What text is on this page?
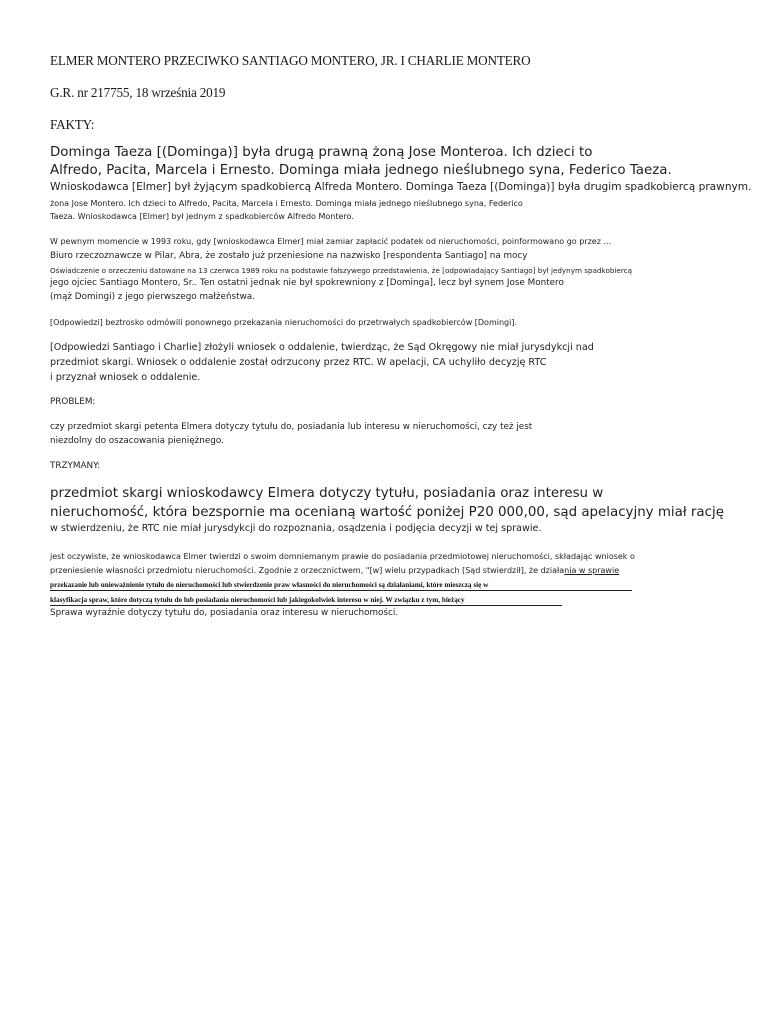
ELMER MONTERO PRZECIWKO SANTIAGO MONTERO, JR. I CHARLIE MONTERO
G.R. nr 217755, 18 września 2019
FAKTY:
Dominga Taeza [(Dominga)] była drugą prawną żoną Jose Monteroa. Ich dzieci to
Alfredo, Pacita, Marcela i Ernesto. Dominga miała jednego nieślubnego syna, Federico Taeza.
Wnioskodawca [Elmer] był żyjącym spadkobiercą Alfreda Montero. Dominga Taeza [(Dominga)] była drugim spadkobiercą prawnym.
żona Jose Montero. Ich dzieci to Alfredo, Pacita, Marcela i Ernesto. Dominga miała jednego nieślubnego syna, Federico
Taeza. Wnioskodawca [Elmer] był jednym z spadkobierców Alfredo Montero.
W pewnym momencie w 1993 roku, gdy [wnioskodawca Elmer] miał zamiar zapłacić podatek od nieruchomości, poinformowano go przez ...
Biuro rzeczoznawcze w Pilar, Abra, że zostało już przeniesione na nazwisko [respondenta Santiago] na mocy
Oświadczenie o orzeczeniu datowane na 13 czerwca 1989 roku na podstawie fałszywego przedstawienia, że [odpowiadający Santiago] był jedynym spadkobiercą
jego ojciec Santiago Montero, Sr.. Ten ostatni jednak nie był spokrewniony z [Dominga], lecz był synem Jose Montero
(mąż Domingi) z jego pierwszego małżeństwa.
[Odpowiedzi] beztrosko odmówili ponownego przekazania nieruchomości do przetrwałych spadkobierców [Domingi].
[Odpowiedzi Santiago i Charlie] złożyli wniosek o oddalenie, twierdząc, że Sąd Okręgowy nie miał jurysdykcji nad
przedmiot skargi. Wniosek o oddalenie został odrzucony przez RTC. W apelacji, CA uchyliło decyzję RTC
i przyznał wniosek o oddalenie.
PROBLEM:
czy przedmiot skargi petenta Elmera dotyczy tytułu do, posiadania lub interesu w nieruchomości, czy też jest
niezdolny do oszacowania pieniężnego.
TRZYMANY:
przedmiot skargi wnioskodawcy Elmera dotyczy tytułu, posiadania oraz interesu w
nieruchomość, która bezspornie ma ocenianą wartość poniżej P20 000,00, sąd apelacyjny miał rację
w stwierdzeniu, że RTC nie miał jurysdykcji do rozpoznania, osądzenia i podjęcia decyzji w tej sprawie.
jest oczywiste, że wnioskodawca Elmer twierdzi o swoim domniemanym prawie do posiadania przedmiotowej nieruchomości, składając wniosek o
przeniesienie własności przedmiotu nieruchomości. Zgodnie z orzecznictwem, "[w] wielu przypadkach [Sąd stwierdził], że działania w sprawie
przekazanie lub unieważnienie tytułu do nieruchomości lub stwierdzenie praw własności do nieruchomości są działaniami, które mieszczą się w
klasyfikacja spraw, które dotyczą tytułu do lub posiadania nieruchomości lub jakiegokolwiek interesu w niej. W związku z tym, bieżący
Sprawa wyraźnie dotyczy tytułu do, posiadania oraz interesu w nieruchomości.
